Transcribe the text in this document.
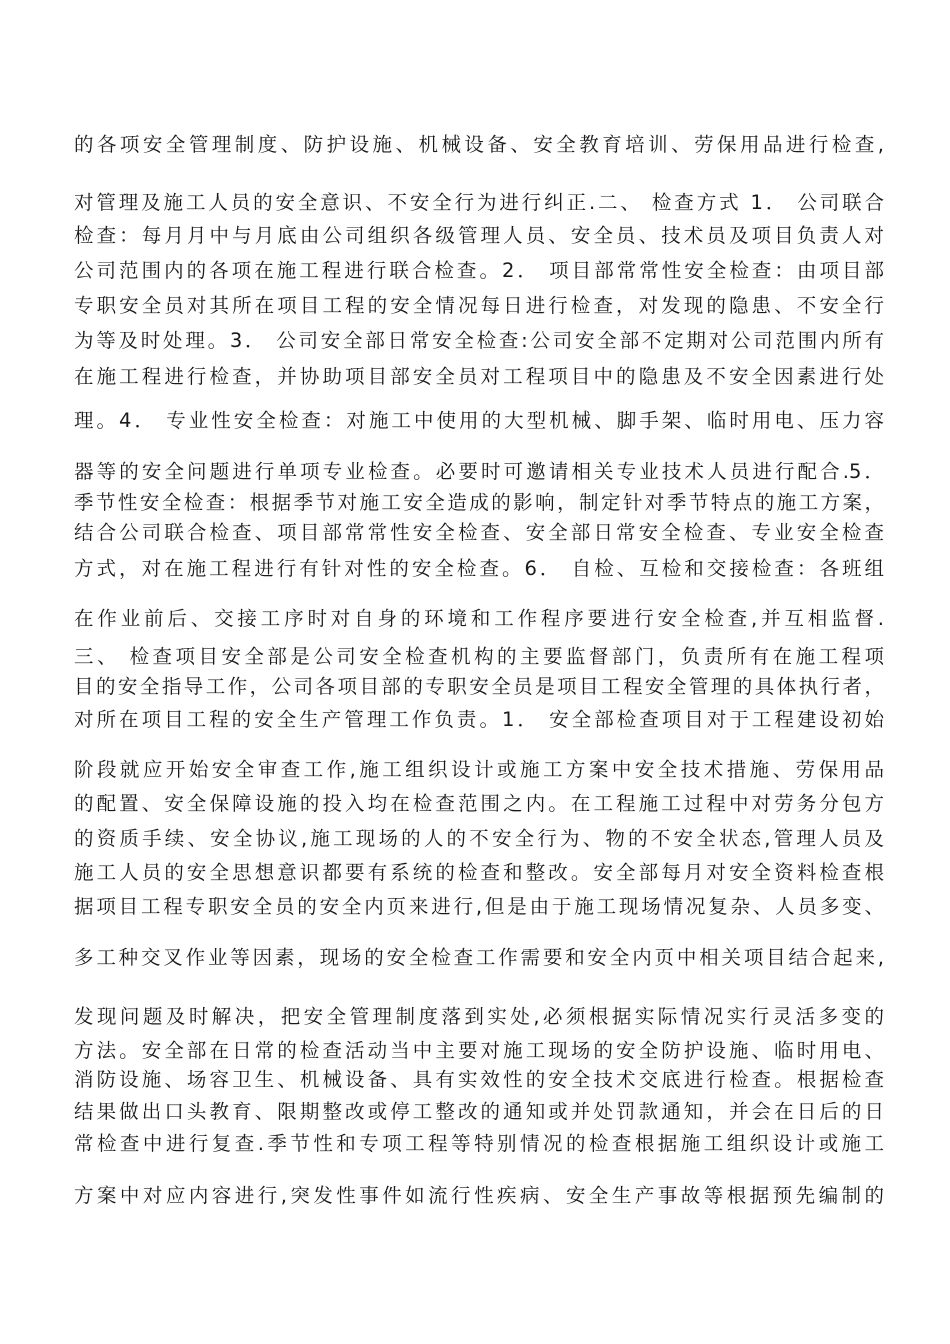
的各项安全管理制度、防护设施、机械设备、安全教育培训、劳保用品进行检查,
对管理及施工人员的安全意识、不安全行为进行纠正.二、 检查方式 1． 公司联合
检查：每月月中与月底由公司组织各级管理人员、安全员、技术员及项目负责人对
公司范围内的各项在施工程进行联合检查。2． 项目部常常性安全检查：由项目部
专职安全员对其所在项目工程的安全情况每日进行检查，对发现的隐患、不安全行
为等及时处理。3． 公司安全部日常安全检查:公司安全部不定期对公司范围内所有
在施工程进行检查，并协助项目部安全员对工程项目中的隐患及不安全因素进行处
理。4． 专业性安全检查：对施工中使用的大型机械、脚手架、临时用电、压力容
器等的安全问题进行单项专业检查。必要时可邀请相关专业技术人员进行配合.5．
季节性安全检查：根据季节对施工安全造成的影响，制定针对季节特点的施工方案，
结合公司联合检查、项目部常常性安全检查、安全部日常安全检查、专业安全检查
方式，对在施工程进行有针对性的安全检查。6． 自检、互检和交接检查：各班组
在作业前后、交接工序时对自身的环境和工作程序要进行安全检查,并互相监督.
三、 检查项目安全部是公司安全检查机构的主要监督部门，负责所有在施工程项
目的安全指导工作，公司各项目部的专职安全员是项目工程安全管理的具体执行者，
对所在项目工程的安全生产管理工作负责。1． 安全部检查项目对于工程建设初始
阶段就应开始安全审查工作,施工组织设计或施工方案中安全技术措施、劳保用品
的配置、安全保障设施的投入均在检查范围之内。在工程施工过程中对劳务分包方
的资质手续、安全协议,施工现场的人的不安全行为、物的不安全状态,管理人员及
施工人员的安全思想意识都要有系统的检查和整改。安全部每月对安全资料检查根
据项目工程专职安全员的安全内页来进行,但是由于施工现场情况复杂、人员多变、
多工种交叉作业等因素，现场的安全检查工作需要和安全内页中相关项目结合起来,
发现问题及时解决，把安全管理制度落到实处,必须根据实际情况实行灵活多变的
方法。安全部在日常的检查活动当中主要对施工现场的安全防护设施、临时用电、
消防设施、场容卫生、机械设备、具有实效性的安全技术交底进行检查。根据检查
结果做出口头教育、限期整改或停工整改的通知或并处罚款通知，并会在日后的日
常检查中进行复查.季节性和专项工程等特别情况的检查根据施工组织设计或施工
方案中对应内容进行,突发性事件如流行性疾病、安全生产事故等根据预先编制的
